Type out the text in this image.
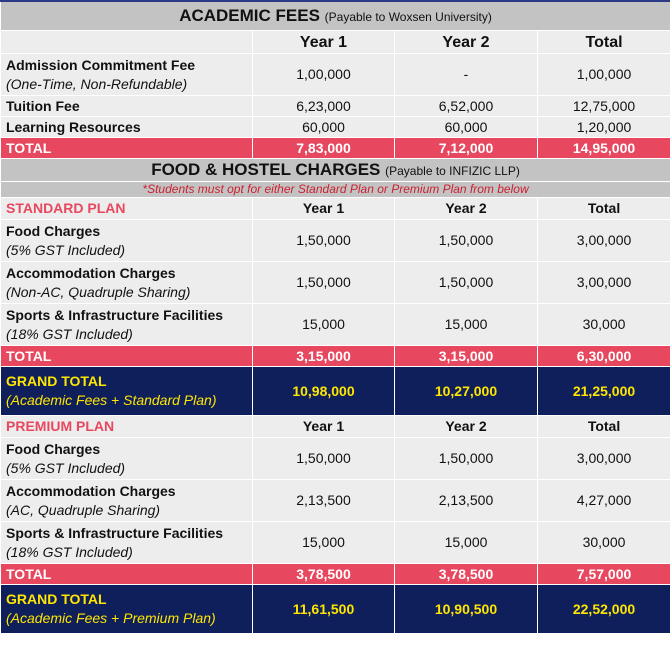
ACADEMIC FEES (Payable to Woxsen University)			
	Year 1	Year 2	Total

Admission Commitment Fee
(One-Time, Non-Refundable)	1,00,000	-	1,00,000
Tuition Fee	6,23,000	6,52,000	12,75,000
Learning Resources	60,000	60,000	1,20,000
TOTAL	7,83,000	7,12,000	14,95,000
FOOD & HOSTEL CHARGES (Payable to INFIZIC LLP)			
*Students must opt for either Standard Plan or Premium Plan from below			
STANDARD PLAN	Year 1	Year 2	Total

Food Charges
(5% GST Included)	1,50,000	1,50,000	3,00,000

Accommodation Charges
(Non-AC, Quadruple Sharing)	1,50,000	1,50,000	3,00,000

Sports & Infrastructure Facilities
(18% GST Included)	15,000	15,000	30,000
TOTAL	3,15,000	3,15,000	6,30,000

GRAND TOTAL
(Academic Fees + Standard Plan)	10,98,000	10,27,000	21,25,000
PREMIUM PLAN	Year 1	Year 2	Total

Food Charges
(5% GST Included)	1,50,000	1,50,000	3,00,000

Accommodation Charges
(AC, Quadruple Sharing)	2,13,500	2,13,500	4,27,000

Sports & Infrastructure Facilities
(18% GST Included)	15,000	15,000	30,000
TOTAL	3,78,500	3,78,500	7,57,000

GRAND TOTAL
(Academic Fees + Premium Plan)	11,61,500	10,90,500	22,52,000
